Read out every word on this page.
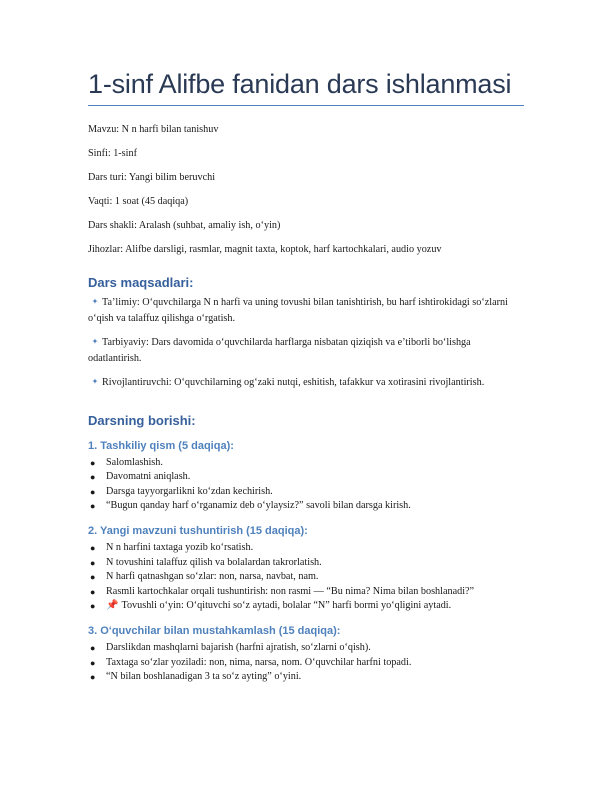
1-sinf Alifbe fanidan dars ishlanmasi

Mavzu: N n harfi bilan tanishuv

Sinfi: 1-sinf

Dars turi: Yangi bilim beruvchi

Vaqti: 1 soat (45 daqiqa)

Dars shakli: Aralash (suhbat, amaliy ish, o‘yin)

Jihozlar: Alifbe darsligi, rasmlar, magnit taxta, koptok, harf kartochkalari, audio yozuv

Dars maqsadlari:

✦ Ta’limiy: O‘quvchilarga N n harfi va uning tovushi bilan tanishtirish, bu harf ishtirokidagi so‘zlarni o‘qish va talaffuz qilishga o‘rgatish.

✦ Tarbiyaviy: Dars davomida o‘quvchilarda harflarga nisbatan qiziqish va e’tiborli bo‘lishga odatlantirish.

✦ Rivojlantiruvchi: O‘quvchilarning og‘zaki nutqi, eshitish, tafakkur va xotirasini rivojlantirish.

Darsning borishi:
1. Tashkiliy qism (5 daqiqa):
● Salomlashish.
● Davomatni aniqlash.
● Darsga tayyorgarlikni ko‘zdan kechirish.
● “Bugun qanday harf o‘rganamiz deb o‘ylaysiz?” savoli bilan darsga kirish.
2. Yangi mavzuni tushuntirish (15 daqiqa):
● N n harfini taxtaga yozib ko‘rsatish.
● N tovushini talaffuz qilish va bolalardan takrorlatish.
● N harfi qatnashgan so‘zlar: non, narsa, navbat, nam.
● Rasmli kartochkalar orqali tushuntirish: non rasmi — “Bu nima? Nima bilan boshlanadi?”
● 📌 Tovushli o‘yin: O‘qituvchi so‘z aytadi, bolalar “N” harfi bormi yo‘qligini aytadi.
3. O‘quvchilar bilan mustahkamlash (15 daqiqa):
● Darslikdan mashqlarni bajarish (harfni ajratish, so‘zlarni o‘qish).
● Taxtaga so‘zlar yoziladi: non, nima, narsa, nom. O‘quvchilar harfni topadi.
● “N bilan boshlanadigan 3 ta so‘z ayting” o‘yini.
